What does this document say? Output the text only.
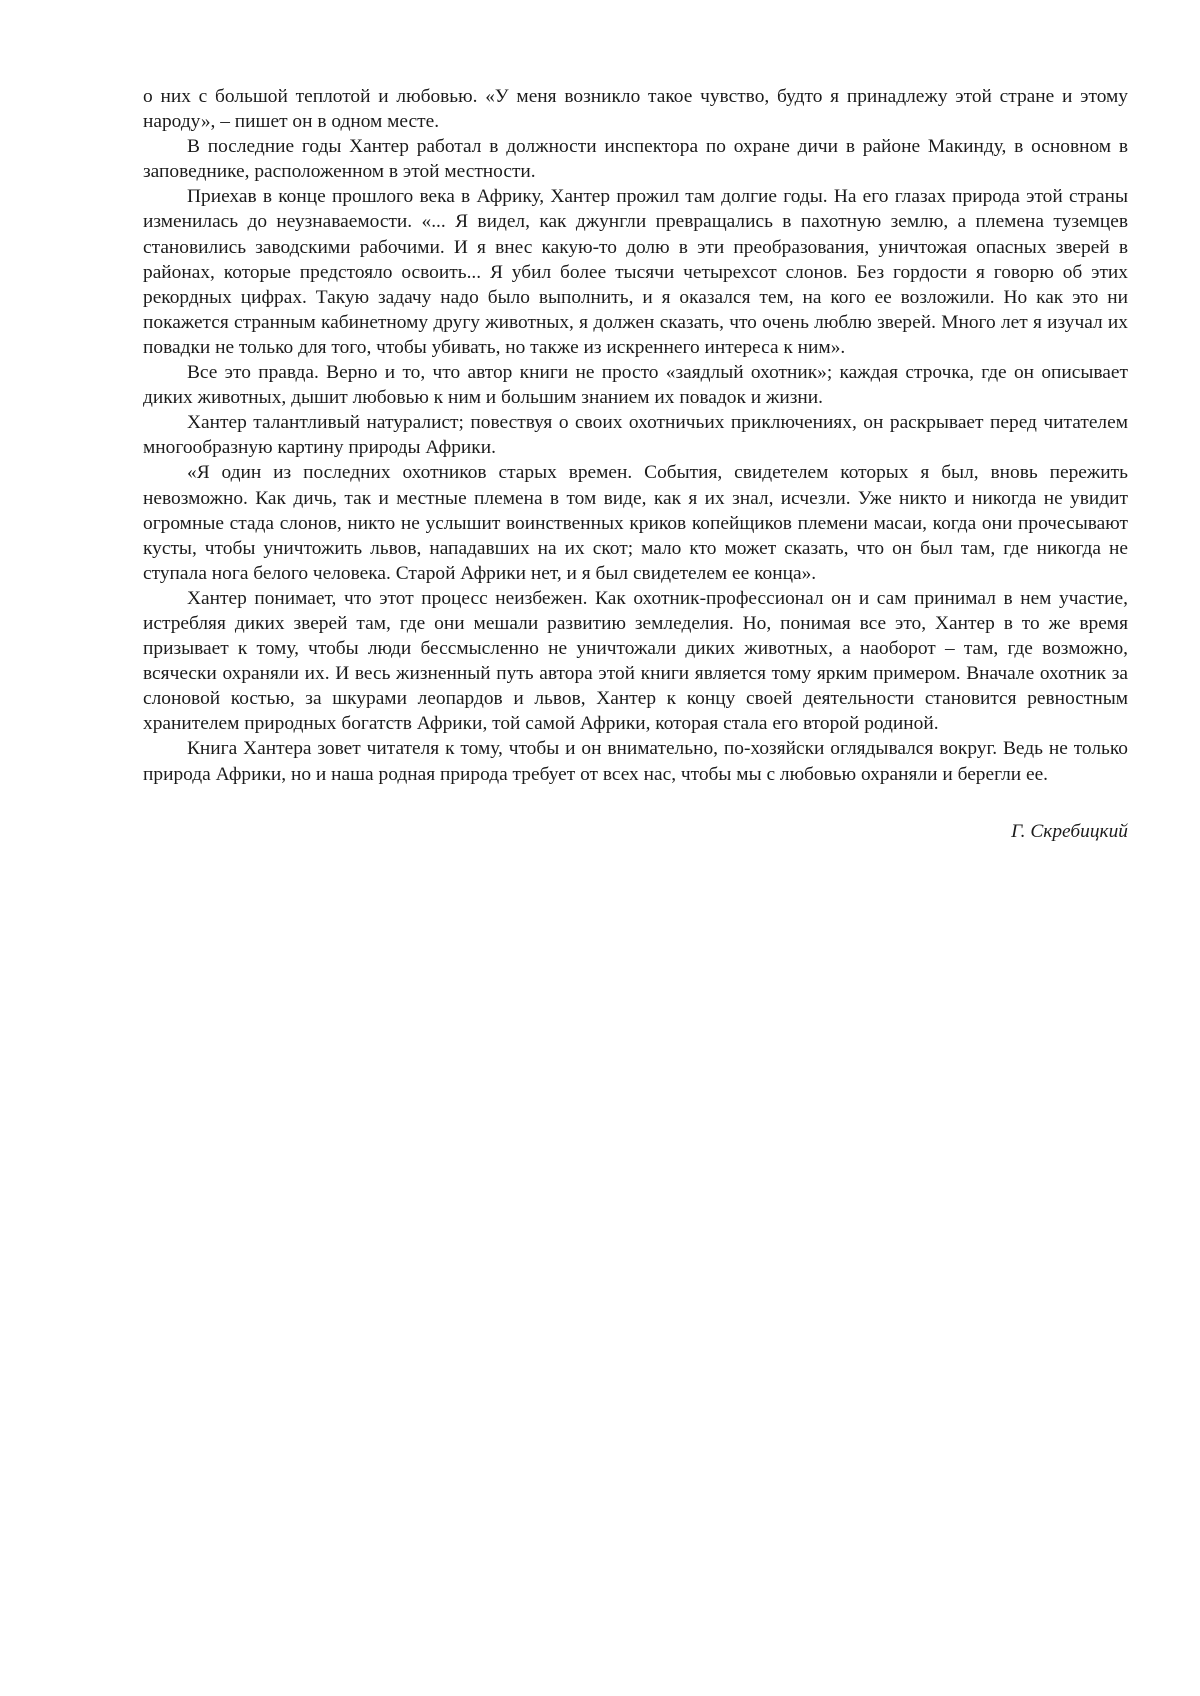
о них с большой теплотой и любовью. «У меня возникло такое чувство, будто я принадлежу этой стране и этому народу», – пишет он в одном месте.

В последние годы Хантер работал в должности инспектора по охране дичи в районе Макинду, в основном в заповеднике, расположенном в этой местности.

Приехав в конце прошлого века в Африку, Хантер прожил там долгие годы. На его глазах природа этой страны изменилась до неузнаваемости. «... Я видел, как джунгли превращались в пахотную землю, а племена туземцев становились заводскими рабочими. И я внес какую-то долю в эти преобразования, уничтожая опасных зверей в районах, которые предстояло освоить... Я убил более тысячи четырехсот слонов. Без гордости я говорю об этих рекордных цифрах. Такую задачу надо было выполнить, и я оказался тем, на кого ее возложили. Но как это ни покажется странным кабинетному другу животных, я должен сказать, что очень люблю зверей. Много лет я изучал их повадки не только для того, чтобы убивать, но также из искреннего интереса к ним».

Все это правда. Верно и то, что автор книги не просто «заядлый охотник»; каждая строчка, где он описывает диких животных, дышит любовью к ним и большим знанием их повадок и жизни.

Хантер талантливый натуралист; повествуя о своих охотничьих приключениях, он раскрывает перед читателем многообразную картину природы Африки.

«Я один из последних охотников старых времен. События, свидетелем которых я был, вновь пережить невозможно. Как дичь, так и местные племена в том виде, как я их знал, исчезли. Уже никто и никогда не увидит огромные стада слонов, никто не услышит воинственных криков копейщиков племени масаи, когда они прочесывают кусты, чтобы уничтожить львов, нападавших на их скот; мало кто может сказать, что он был там, где никогда не ступала нога белого человека. Старой Африки нет, и я был свидетелем ее конца».

Хантер понимает, что этот процесс неизбежен. Как охотник-профессионал он и сам принимал в нем участие, истребляя диких зверей там, где они мешали развитию земледелия. Но, понимая все это, Хантер в то же время призывает к тому, чтобы люди бессмысленно не уничтожали диких животных, а наоборот – там, где возможно, всячески охраняли их. И весь жизненный путь автора этой книги является тому ярким примером. Вначале охотник за слоновой костью, за шкурами леопардов и львов, Хантер к концу своей деятельности становится ревностным хранителем природных богатств Африки, той самой Африки, которая стала его второй родиной.

Книга Хантера зовет читателя к тому, чтобы и он внимательно, по-хозяйски оглядывался вокруг. Ведь не только природа Африки, но и наша родная природа требует от всех нас, чтобы мы с любовью охраняли и берегли ее.

Г. Скребицкий
